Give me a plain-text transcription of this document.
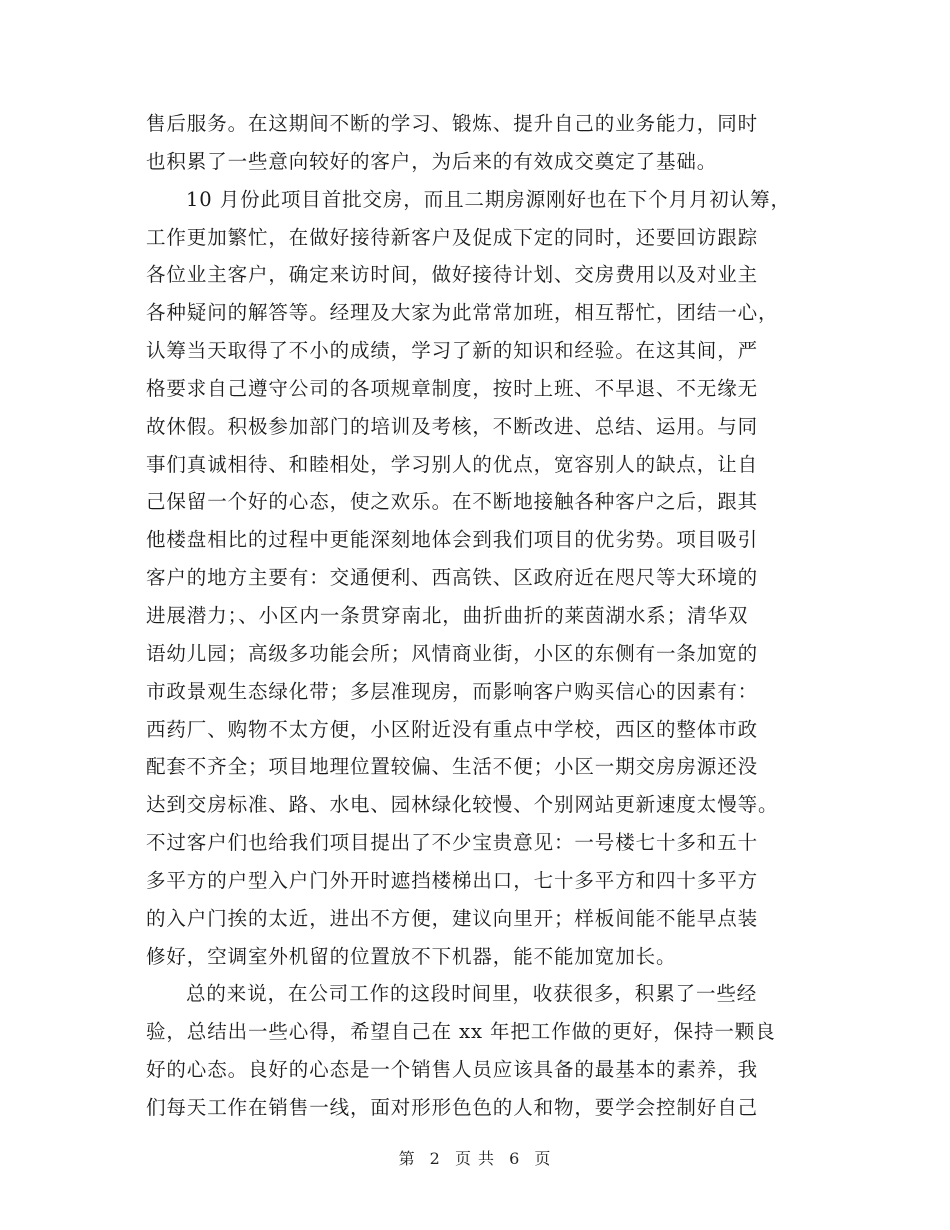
售后服务。在这期间不断的学习、锻炼、提升自己的业务能力，同时
也积累了一些意向较好的客户，为后来的有效成交奠定了基础。
10 月份此项目首批交房，而且二期房源刚好也在下个月月初认筹，
工作更加繁忙，在做好接待新客户及促成下定的同时，还要回访跟踪
各位业主客户，确定来访时间，做好接待计划、交房费用以及对业主
各种疑问的解答等。经理及大家为此常常加班，相互帮忙，团结一心，
认筹当天取得了不小的成绩，学习了新的知识和经验。在这其间，严
格要求自己遵守公司的各项规章制度，按时上班、不早退、不无缘无
故休假。积极参加部门的培训及考核，不断改进、总结、运用。与同
事们真诚相待、和睦相处，学习别人的优点，宽容别人的缺点，让自
己保留一个好的心态，使之欢乐。在不断地接触各种客户之后，跟其
他楼盘相比的过程中更能深刻地体会到我们项目的优劣势。项目吸引
客户的地方主要有：交通便利、西高铁、区政府近在咫尺等大环境的
进展潜力；、小区内一条贯穿南北，曲折曲折的莱茵湖水系；清华双
语幼儿园；高级多功能会所；风情商业街，小区的东侧有一条加宽的
市政景观生态绿化带；多层准现房，而影响客户购买信心的因素有：
西药厂、购物不太方便，小区附近没有重点中学校，西区的整体市政
配套不齐全；项目地理位置较偏、生活不便；小区一期交房房源还没
达到交房标准、路、水电、园林绿化较慢、个别网站更新速度太慢等。
不过客户们也给我们项目提出了不少宝贵意见：一号楼七十多和五十
多平方的户型入户门外开时遮挡楼梯出口，七十多平方和四十多平方
的入户门挨的太近，进出不方便，建议向里开；样板间能不能早点装
修好，空调室外机留的位置放不下机器，能不能加宽加长。
总的来说，在公司工作的这段时间里，收获很多，积累了一些经
验，总结出一些心得，希望自己在 xx 年把工作做的更好，保持一颗良
好的心态。良好的心态是一个销售人员应该具备的最基本的素养，我
们每天工作在销售一线，面对形形色色的人和物，要学会控制好自己
第 2 页 共 6 页
